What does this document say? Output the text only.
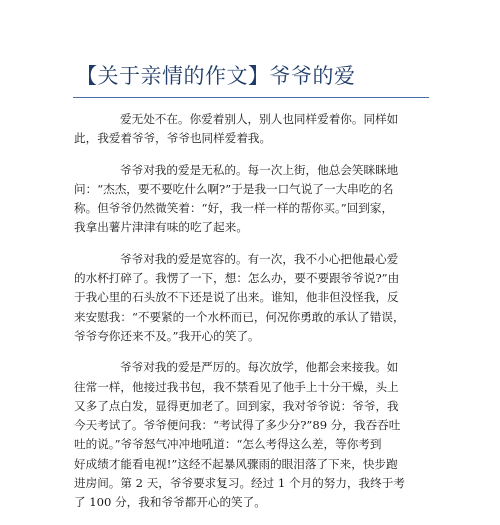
【关于亲情的作文】爷爷的爱
爱无处不在。你爱着别人，别人也同样爱着你。同样如
此，我爱着爷爷，爷爷也同样爱着我。
爷爷对我的爱是无私的。每一次上街，他总会笑眯眯地
问：“杰杰，要不要吃什么啊?”于是我一口气说了一大串吃的名
称。但爷爷仍然微笑着：“好，我一样一样的帮你买。”回到家，
我拿出薯片津津有味的吃了起来。
爷爷对我的爱是宽容的。有一次，我不小心把他最心爱
的水杯打碎了。我愣了一下，想：怎么办，要不要跟爷爷说?”由
于我心里的石头放不下还是说了出来。谁知，他非但没怪我，反
来安慰我：“不要紧的一个水杯而已，何况你勇敢的承认了错误，
爷爷夸你还来不及。”我开心的笑了。
爷爷对我的爱是严厉的。每次放学，他都会来接我。如
往常一样，他接过我书包，我不禁看见了他手上十分干燥，头上
又多了点白发，显得更加老了。回到家，我对爷爷说：爷爷，我
今天考试了。爷爷便问我：“考试得了多少分?”89 分，我吞吞吐
吐的说。”爷爷怒气冲冲地吼道：“怎么考得这么差，等你考到
好成绩才能看电视!”这经不起暴风骤雨的眼泪落了下来，快步跑
进房间。第 2 天，爷爷要求复习。经过 1 个月的努力，我终于考
了 100 分，我和爷爷都开心的笑了。
